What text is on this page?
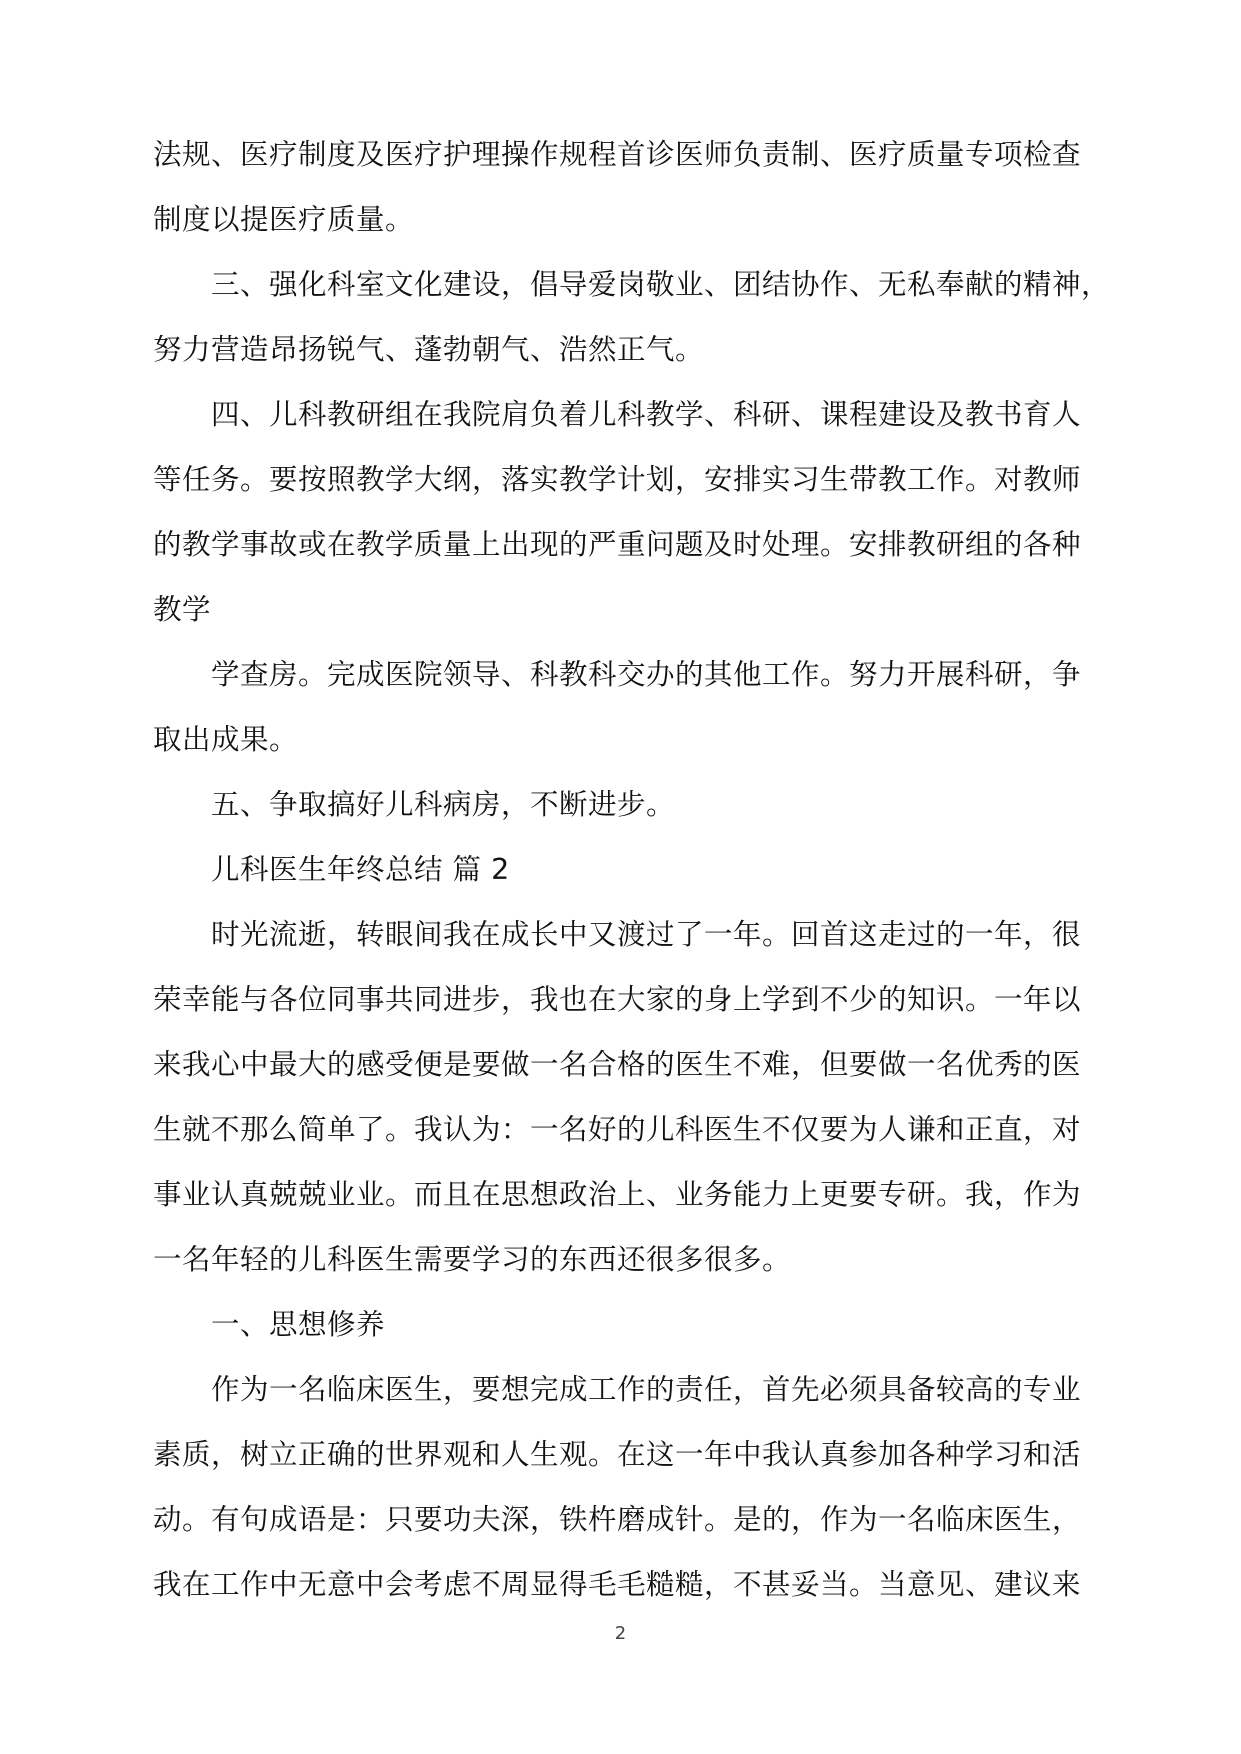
法规、医疗制度及医疗护理操作规程首诊医师负责制、医疗质量专项检查
制度以提医疗质量。
三、强化科室文化建设，倡导爱岗敬业、团结协作、无私奉献的精神，
努力营造昂扬锐气、蓬勃朝气、浩然正气。
四、儿科教研组在我院肩负着儿科教学、科研、课程建设及教书育人
等任务。要按照教学大纲，落实教学计划，安排实习生带教工作。对教师
的教学事故或在教学质量上出现的严重问题及时处理。安排教研组的各种
教学
学查房。完成医院领导、科教科交办的其他工作。努力开展科研，争
取出成果。
五、争取搞好儿科病房，不断进步。
儿科医生年终总结 篇 2
时光流逝，转眼间我在成长中又渡过了一年。回首这走过的一年，很
荣幸能与各位同事共同进步，我也在大家的身上学到不少的知识。一年以
来我心中最大的感受便是要做一名合格的医生不难，但要做一名优秀的医
生就不那么简单了。我认为：一名好的儿科医生不仅要为人谦和正直，对
事业认真兢兢业业。而且在思想政治上、业务能力上更要专研。我，作为
一名年轻的儿科医生需要学习的东西还很多很多。
一、思想修养
作为一名临床医生，要想完成工作的责任，首先必须具备较高的专业
素质，树立正确的世界观和人生观。在这一年中我认真参加各种学习和活
动。有句成语是：只要功夫深，铁杵磨成针。是的，作为一名临床医生，
我在工作中无意中会考虑不周显得毛毛糙糙，不甚妥当。当意见、建议来
2
